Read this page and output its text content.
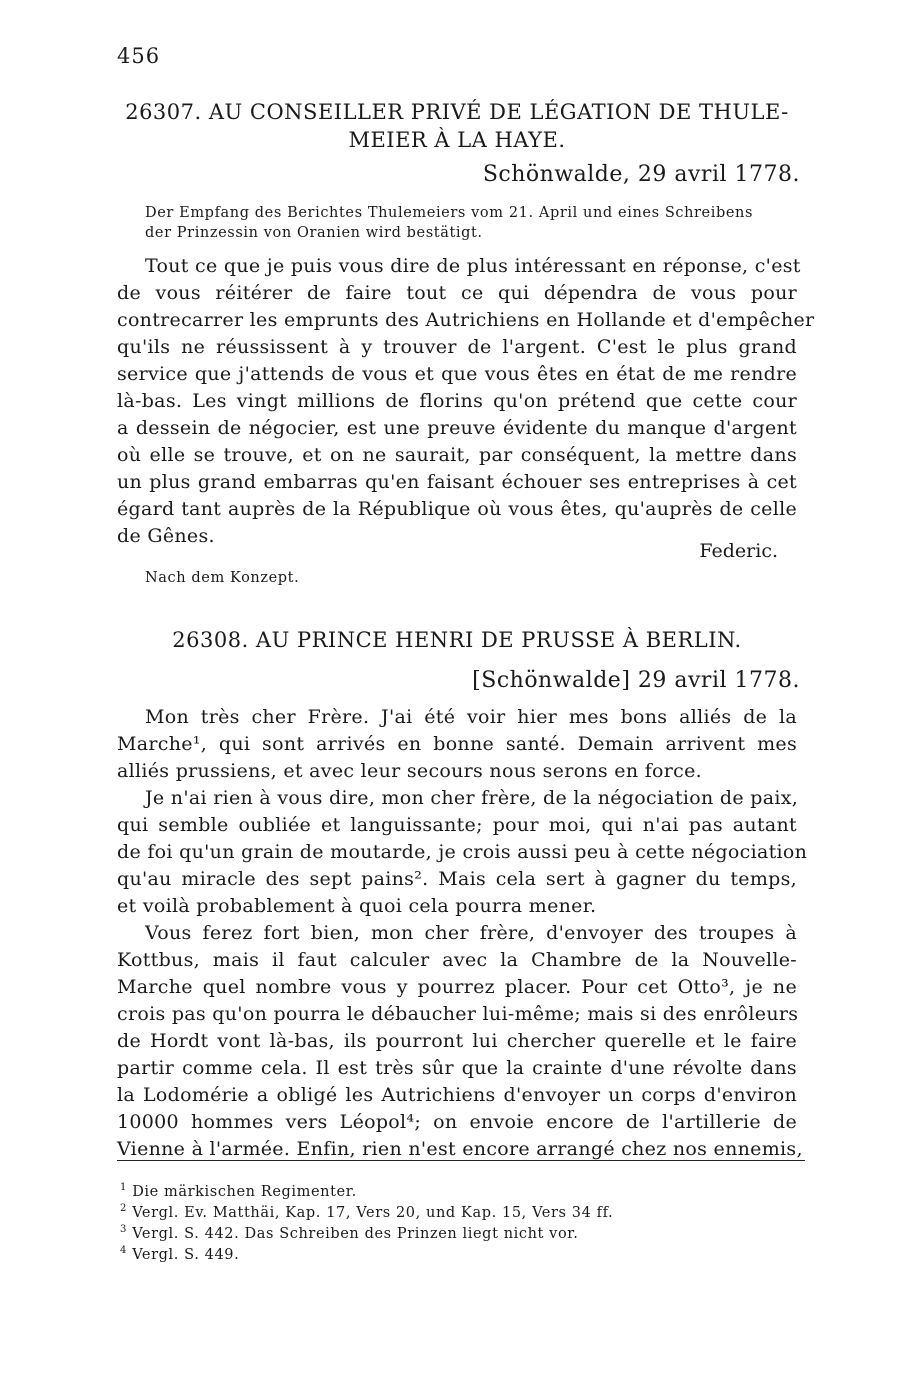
456
26307. AU CONSEILLER PRIVÉ DE LÉGATION DE THULE-
MEIER À LA HAYE.
Schönwalde, 29 avril 1778.
Der Empfang des Berichtes Thulemeiers vom 21. April und eines Schreibens
der Prinzessin von Oranien wird bestätigt.
Tout ce que je puis vous dire de plus intéressant en réponse, c'est
de vous réitérer de faire tout ce qui dépendra de vous pour
contrecarrer les emprunts des Autrichiens en Hollande et d'empêcher
qu'ils ne réussissent à y trouver de l'argent. C'est le plus grand
service que j'attends de vous et que vous êtes en état de me rendre
là-bas. Les vingt millions de florins qu'on prétend que cette cour
a dessein de négocier, est une preuve évidente du manque d'argent
où elle se trouve, et on ne saurait, par conséquent, la mettre dans
un plus grand embarras qu'en faisant échouer ses entreprises à cet
égard tant auprès de la République où vous êtes, qu'auprès de celle
de Gênes.
Federic.
Nach dem Konzept.
26308. AU PRINCE HENRI DE PRUSSE À BERLIN.
[Schönwalde] 29 avril 1778.
Mon très cher Frère. J'ai été voir hier mes bons alliés de la
Marche¹, qui sont arrivés en bonne santé. Demain arrivent mes
alliés prussiens, et avec leur secours nous serons en force.
Je n'ai rien à vous dire, mon cher frère, de la négociation de paix,
qui semble oubliée et languissante; pour moi, qui n'ai pas autant
de foi qu'un grain de moutarde, je crois aussi peu à cette négociation
qu'au miracle des sept pains². Mais cela sert à gagner du temps,
et voilà probablement à quoi cela pourra mener.
Vous ferez fort bien, mon cher frère, d'envoyer des troupes à
Kottbus, mais il faut calculer avec la Chambre de la Nouvelle-
Marche quel nombre vous y pourrez placer. Pour cet Otto³, je ne
crois pas qu'on pourra le débaucher lui-même; mais si des enrôleurs
de Hordt vont là-bas, ils pourront lui chercher querelle et le faire
partir comme cela. Il est très sûr que la crainte d'une révolte dans
la Lodomérie a obligé les Autrichiens d'envoyer un corps d'environ
10000 hommes vers Léopol⁴; on envoie encore de l'artillerie de
Vienne à l'armée. Enfin, rien n'est encore arrangé chez nos ennemis,
$^1$ Die märkischen Regimenter.
$^2$ Vergl. Ev. Matthäi, Kap. 17, Vers 20, und Kap. 15, Vers 34 ff.
$^3$ Vergl. S. 442. Das Schreiben des Prinzen liegt nicht vor.
$^4$ Vergl. S. 449.
